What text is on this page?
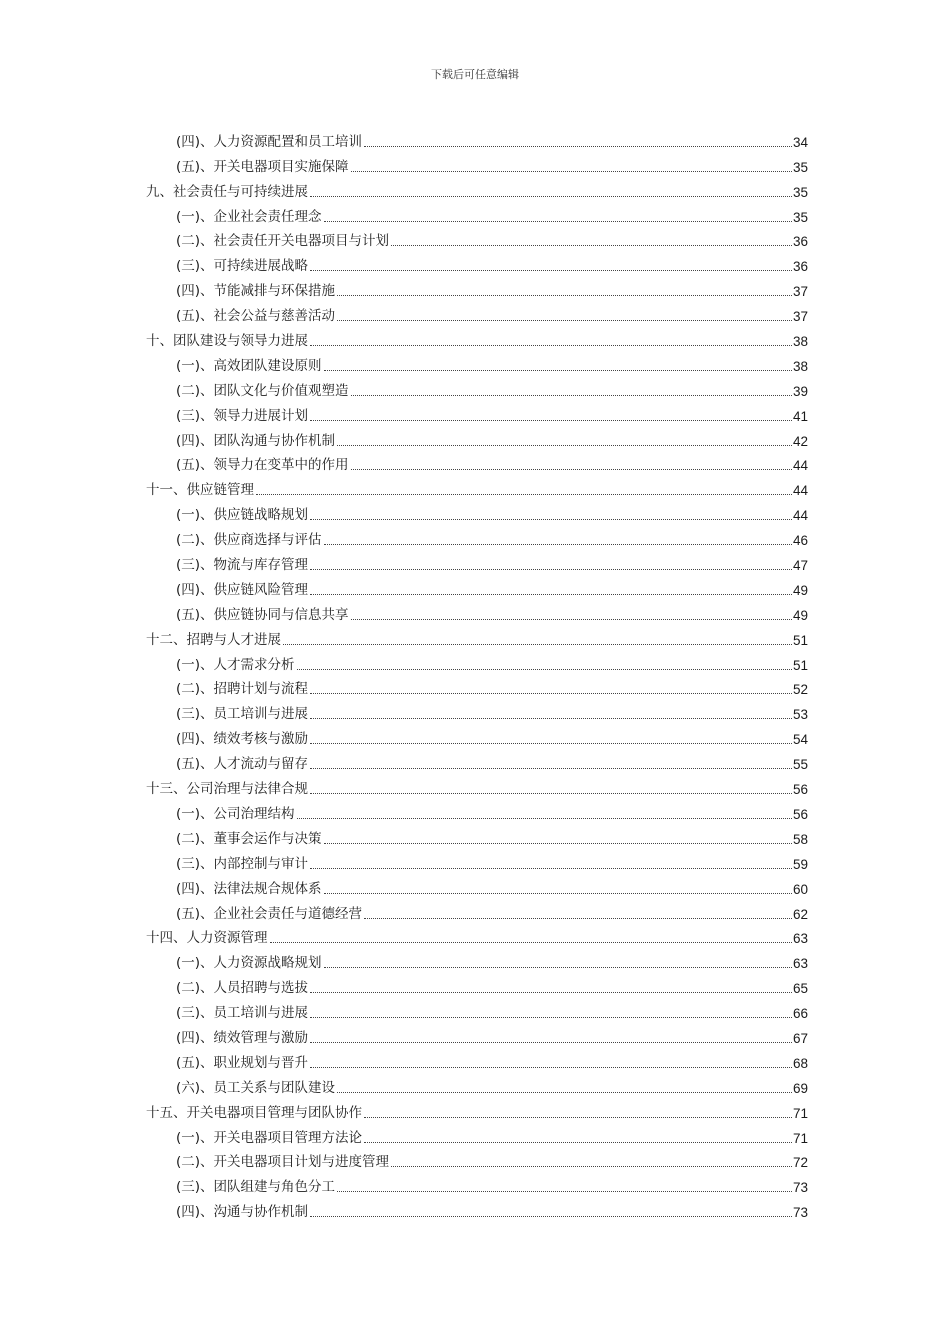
下载后可任意编辑
(四)、人力资源配置和员工培训	34
(五)、开关电器项目实施保障	35
九、社会责任与可持续进展	35
(一)、企业社会责任理念	35
(二)、社会责任开关电器项目与计划	36
(三)、可持续进展战略	36
(四)、节能减排与环保措施	37
(五)、社会公益与慈善活动	37
十、团队建设与领导力进展	38
(一)、高效团队建设原则	38
(二)、团队文化与价值观塑造	39
(三)、领导力进展计划	41
(四)、团队沟通与协作机制	42
(五)、领导力在变革中的作用	44
十一、供应链管理	44
(一)、供应链战略规划	44
(二)、供应商选择与评估	46
(三)、物流与库存管理	47
(四)、供应链风险管理	49
(五)、供应链协同与信息共享	49
十二、招聘与人才进展	51
(一)、人才需求分析	51
(二)、招聘计划与流程	52
(三)、员工培训与进展	53
(四)、绩效考核与激励	54
(五)、人才流动与留存	55
十三、公司治理与法律合规	56
(一)、公司治理结构	56
(二)、董事会运作与决策	58
(三)、内部控制与审计	59
(四)、法律法规合规体系	60
(五)、企业社会责任与道德经营	62
十四、人力资源管理	63
(一)、人力资源战略规划	63
(二)、人员招聘与选拔	65
(三)、员工培训与进展	66
(四)、绩效管理与激励	67
(五)、职业规划与晋升	68
(六)、员工关系与团队建设	69
十五、开关电器项目管理与团队协作	71
(一)、开关电器项目管理方法论	71
(二)、开关电器项目计划与进度管理	72
(三)、团队组建与角色分工	73
(四)、沟通与协作机制	73
